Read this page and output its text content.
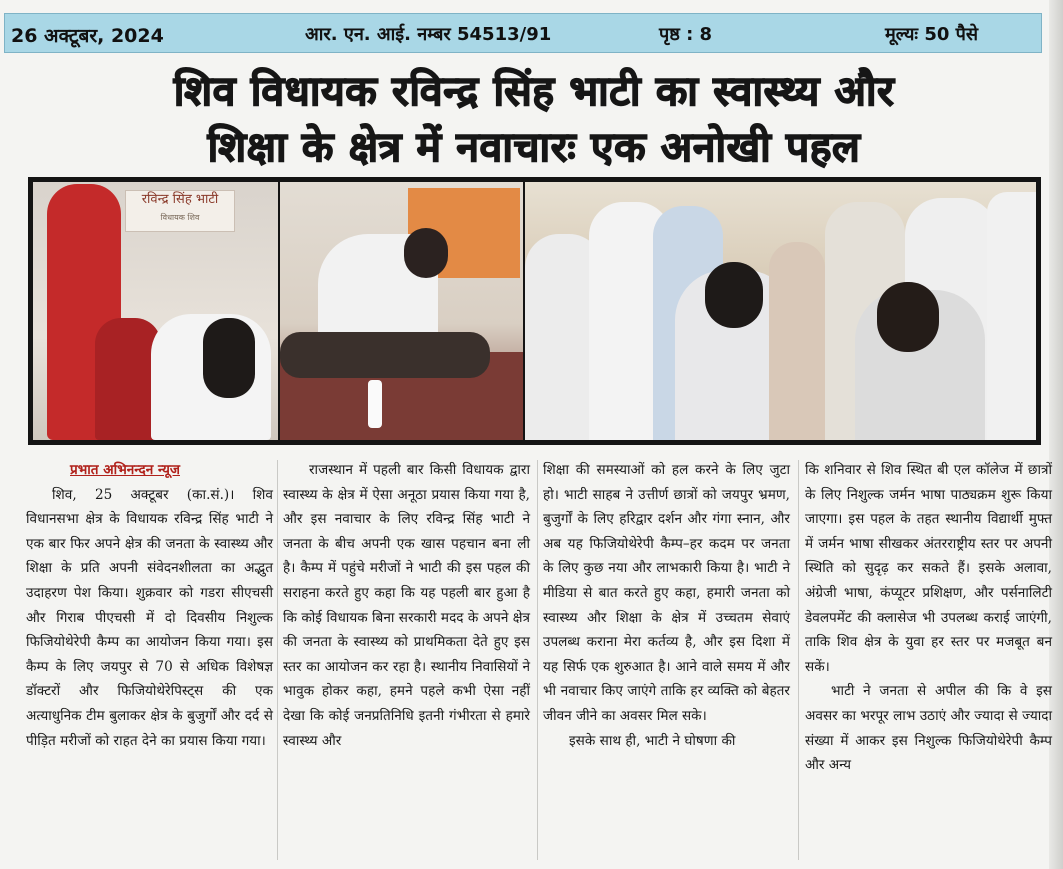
26 अक्टूबर, 2024	आर. एन. आई. नम्बर 54513/91	पृष्ठ : 8	मूल्यः 50 पैसे
शिव विधायक रविन्द्र सिंह भाटी का स्वास्थ्य और
शिक्षा के क्षेत्र में नवाचारः एक अनोखी पहल
रविन्द्र सिंह भाटी
विधायक शिव
प्रभात अभिनन्दन न्यूज
शिव, 25 अक्टूबर (का.सं.)। शिव विधानसभा क्षेत्र के विधायक रविन्द्र सिंह भाटी ने एक बार फिर अपने क्षेत्र की जनता के स्वास्थ्य और शिक्षा के प्रति अपनी संवेदनशीलता का अद्भुत उदाहरण पेश किया। शुक्रवार को गडरा सीएचसी और गिराब पीएचसी में दो दिवसीय निशुल्क फिजियोथेरेपी कैम्प का आयोजन किया गया। इस कैम्प के लिए जयपुर से 70 से अधिक विशेषज्ञ डॉक्टरों और फिजियोथेरेपिस्ट्स की एक अत्याधुनिक टीम बुलाकर क्षेत्र के बुजुर्गों और दर्द से पीड़ित मरीजों को राहत देने का प्रयास किया गया।
राजस्थान में पहली बार किसी विधायक द्वारा स्वास्थ्य के क्षेत्र में ऐसा अनूठा प्रयास किया गया है, और इस नवाचार के लिए रविन्द्र सिंह भाटी ने जनता के बीच अपनी एक खास पहचान बना ली है। कैम्प में पहुंचे मरीजों ने भाटी की इस पहल की सराहना करते हुए कहा कि यह पहली बार हुआ है कि कोई विधायक बिना सरकारी मदद के अपने क्षेत्र की जनता के स्वास्थ्य को प्राथमिकता देते हुए इस स्तर का आयोजन कर रहा है। स्थानीय निवासियों ने भावुक होकर कहा, हमने पहले कभी ऐसा नहीं देखा कि कोई जनप्रतिनिधि इतनी गंभीरता से हमारे स्वास्थ्य और
शिक्षा की समस्याओं को हल करने के लिए जुटा हो। भाटी साहब ने उत्तीर्ण छात्रों को जयपुर भ्रमण, बुजुर्गों के लिए हरिद्वार दर्शन और गंगा स्नान, और अब यह फिजियोथेरेपी कैम्प–हर कदम पर जनता के लिए कुछ नया और लाभकारी किया है। भाटी ने मीडिया से बात करते हुए कहा, हमारी जनता को स्वास्थ्य और शिक्षा के क्षेत्र में उच्चतम सेवाएं उपलब्ध कराना मेरा कर्तव्य है, और इस दिशा में यह सिर्फ एक शुरुआत है। आने वाले समय में और भी नवाचार किए जाएंगे ताकि हर व्यक्ति को बेहतर जीवन जीने का अवसर मिल सके।
इसके साथ ही, भाटी ने घोषणा की
कि शनिवार से शिव स्थित बी एल कॉलेज में छात्रों के लिए निशुल्क जर्मन भाषा पाठ्यक्रम शुरू किया जाएगा। इस पहल के तहत स्थानीय विद्यार्थी मुफ्त में जर्मन भाषा सीखकर अंतरराष्ट्रीय स्तर पर अपनी स्थिति को सुदृढ़ कर सकते हैं। इसके अलावा, अंग्रेजी भाषा, कंप्यूटर प्रशिक्षण, और पर्सनालिटी डेवलपमेंट की क्लासेज भी उपलब्ध कराई जाएंगी, ताकि शिव क्षेत्र के युवा हर स्तर पर मजबूत बन सकें।
भाटी ने जनता से अपील की कि वे इस अवसर का भरपूर लाभ उठाएं और ज्यादा से ज्यादा संख्या में आकर इस निशुल्क फिजियोथेरेपी कैम्प और अन्य
